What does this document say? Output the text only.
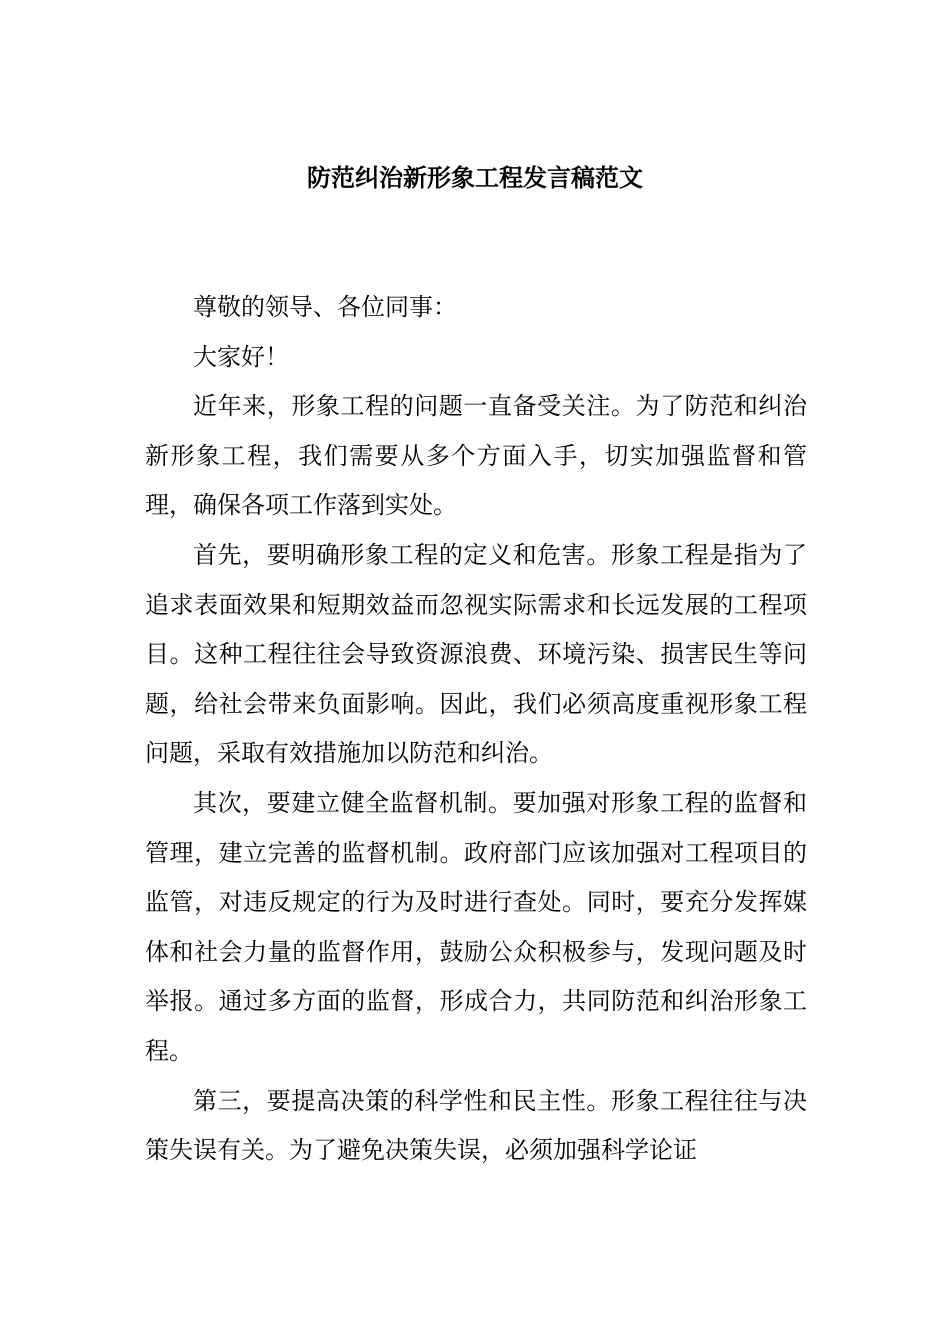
防范纠治新形象工程发言稿范文

尊敬的领导、各位同事：

大家好！

近年来，形象工程的问题一直备受关注。为了防范和纠治新形象工程，我们需要从多个方面入手，切实加强监督和管理，确保各项工作落到实处。

首先，要明确形象工程的定义和危害。形象工程是指为了追求表面效果和短期效益而忽视实际需求和长远发展的工程项目。这种工程往往会导致资源浪费、环境污染、损害民生等问题，给社会带来负面影响。因此，我们必须高度重视形象工程问题，采取有效措施加以防范和纠治。

其次，要建立健全监督机制。要加强对形象工程的监督和管理，建立完善的监督机制。政府部门应该加强对工程项目的监管，对违反规定的行为及时进行查处。同时，要充分发挥媒体和社会力量的监督作用，鼓励公众积极参与，发现问题及时举报。通过多方面的监督，形成合力，共同防范和纠治形象工程。

第三，要提高决策的科学性和民主性。形象工程往往与决策失误有关。为了避免决策失误，必须加强科学论证
